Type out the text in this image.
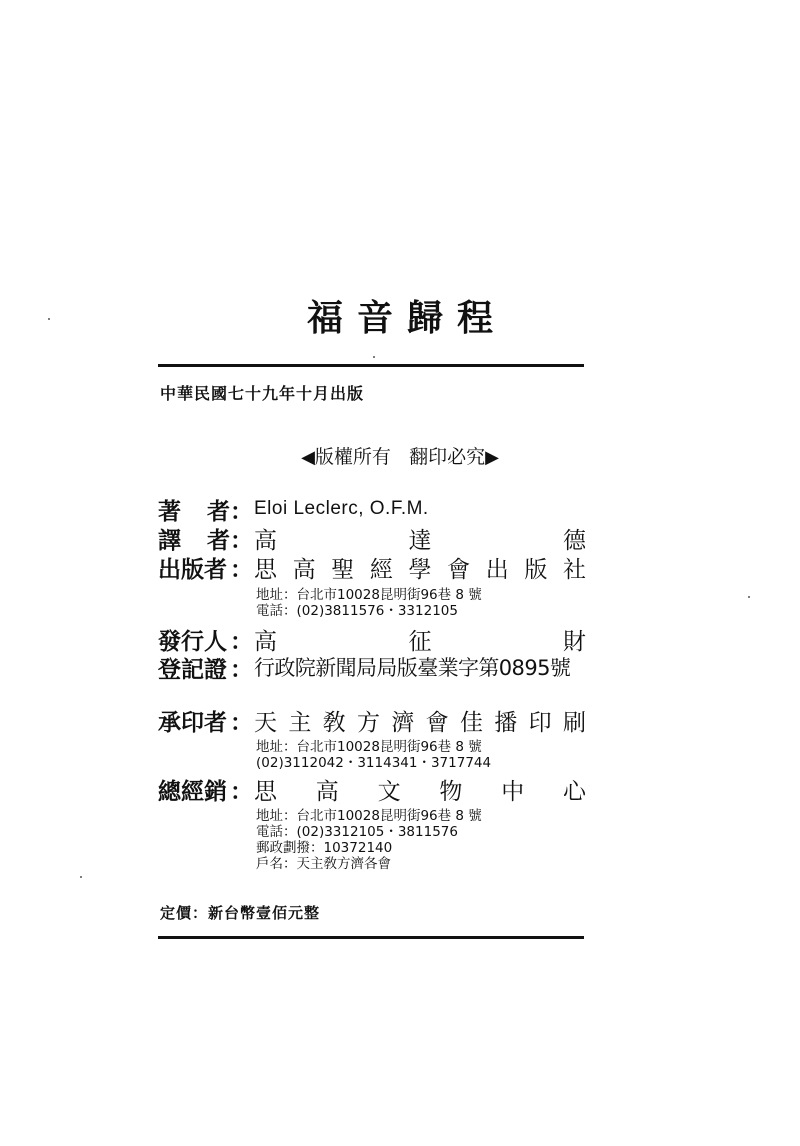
福音歸程
中華民國七十九年十月出版
◀版權所有 翻印必究▶
著 者 ： Eloi Leclerc, O.F.M.
譯 者 ： 高	達	德
出版者 ： 思 高 聖 經 學 會 出 版 社
地址：台北市10028昆明街96巷 8 號
電話：(02)3811576・3312105
發行人 ： 高	征	財
登記證 ： 行政院新聞局局版臺業字第0895號
承印者 ： 天 主 敎 方 濟 會 佳 播 印 刷
地址：台北市10028昆明街96巷 8 號
(02)3112042・3114341・3717744
總經銷 ： 思 高 文 物 中 心
地址：台北市10028昆明街96巷 8 號
電話：(02)3312105・3811576
郵政劃撥：10372140
戶名：天主敎方濟各會
定價：新台幣壹佰元整
